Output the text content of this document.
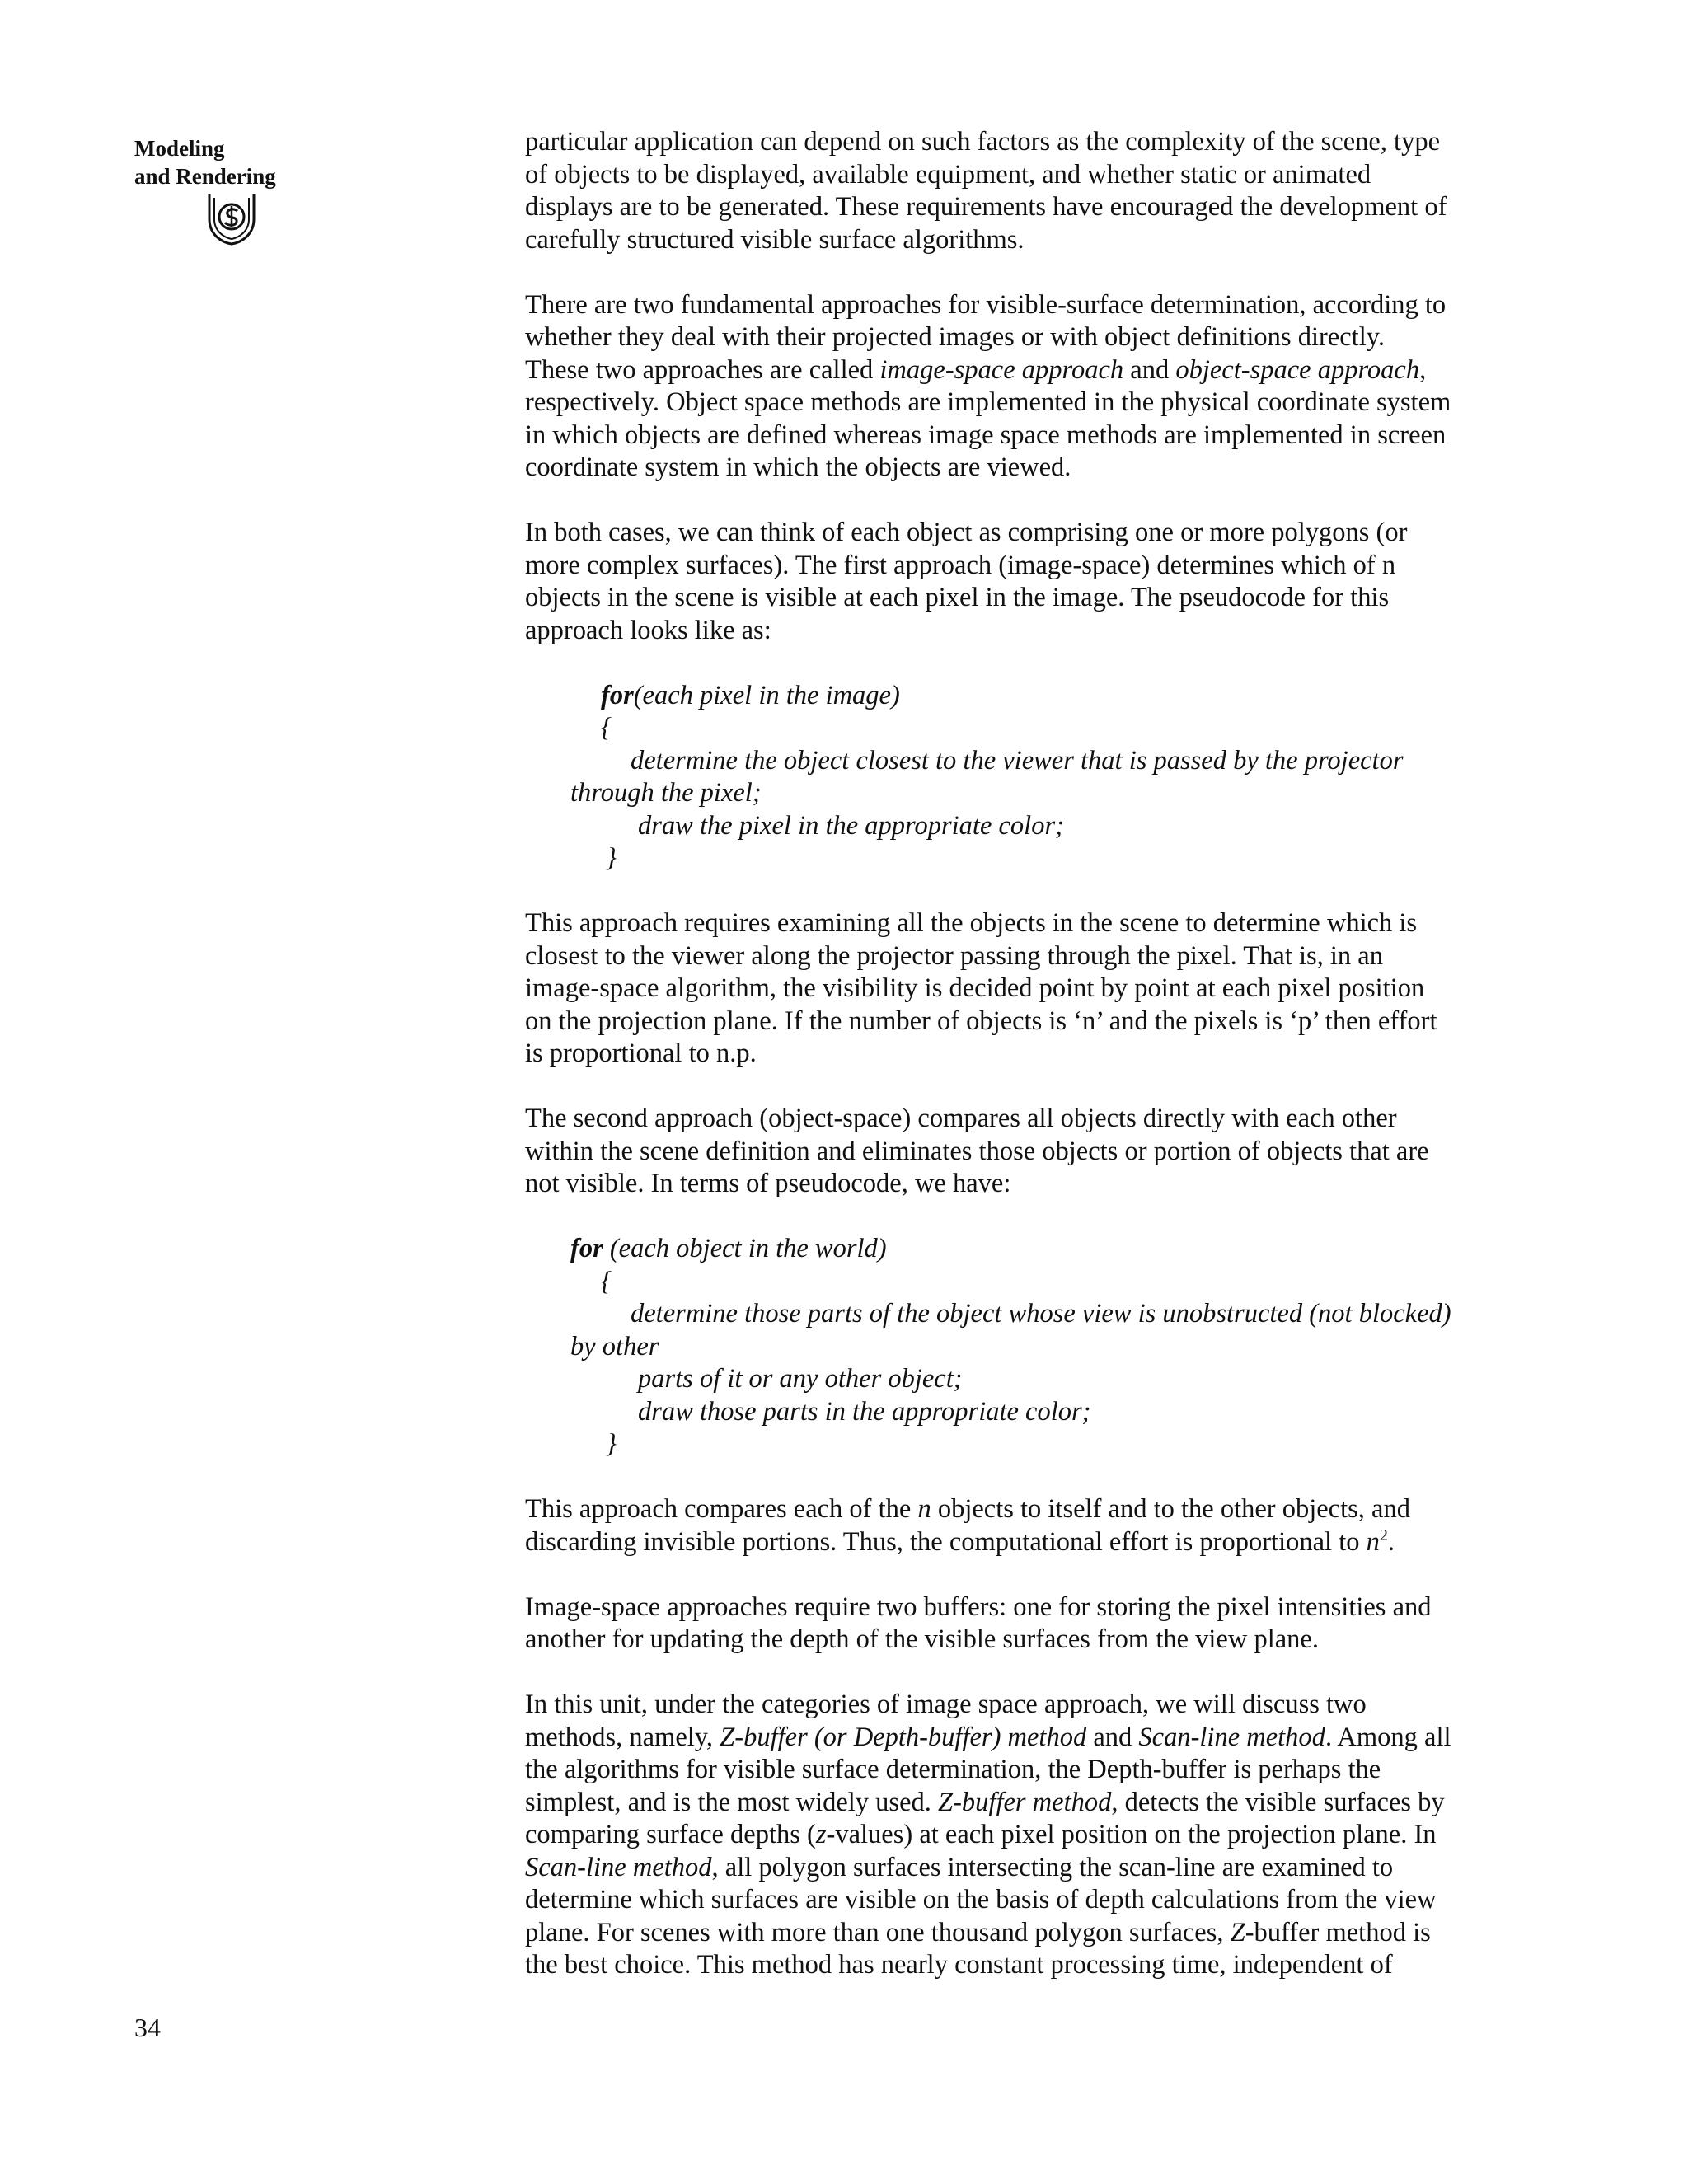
Modeling
and Rendering
particular application can depend on such factors as the complexity of the scene, type
of objects to be displayed, available equipment, and whether static or animated
displays are to be generated. These requirements have encouraged the development of
carefully structured visible surface algorithms.
There are two fundamental approaches for visible-surface determination, according to
whether they deal with their projected images or with object definitions directly.
These two approaches are called image-space approach and object-space approach,
respectively. Object space methods are implemented in the physical coordinate system
in which objects are defined whereas image space methods are implemented in screen
coordinate system in which the objects are viewed.
In both cases, we can think of each object as comprising one or more polygons (or
more complex surfaces). The first approach (image-space) determines which of n
objects in the scene is visible at each pixel in the image. The pseudocode for this
approach looks like as:
for(each pixel in the image)
{
determine the object closest to the viewer that is passed by the projector
through the pixel;
draw the pixel in the appropriate color;
}
This approach requires examining all the objects in the scene to determine which is
closest to the viewer along the projector passing through the pixel. That is, in an
image-space algorithm, the visibility is decided point by point at each pixel position
on the projection plane. If the number of objects is ‘n’ and the pixels is ‘p’ then effort
is proportional to n.p.
The second approach (object-space) compares all objects directly with each other
within the scene definition and eliminates those objects or portion of objects that are
not visible. In terms of pseudocode, we have:
for (each object in the world)
{
determine those parts of the object whose view is unobstructed (not blocked)
by other
parts of it or any other object;
draw those parts in the appropriate color;
}
This approach compares each of the n objects to itself and to the other objects, and
discarding invisible portions. Thus, the computational effort is proportional to $n^2$.
Image-space approaches require two buffers: one for storing the pixel intensities and
another for updating the depth of the visible surfaces from the view plane.
In this unit, under the categories of image space approach, we will discuss two
methods, namely, Z-buffer (or Depth-buffer) method and Scan-line method. Among all
the algorithms for visible surface determination, the Depth-buffer is perhaps the
simplest, and is the most widely used. Z-buffer method, detects the visible surfaces by
comparing surface depths (z-values) at each pixel position on the projection plane. In
Scan-line method, all polygon surfaces intersecting the scan-line are examined to
determine which surfaces are visible on the basis of depth calculations from the view
plane. For scenes with more than one thousand polygon surfaces, Z-buffer method is
the best choice. This method has nearly constant processing time, independent of
34
